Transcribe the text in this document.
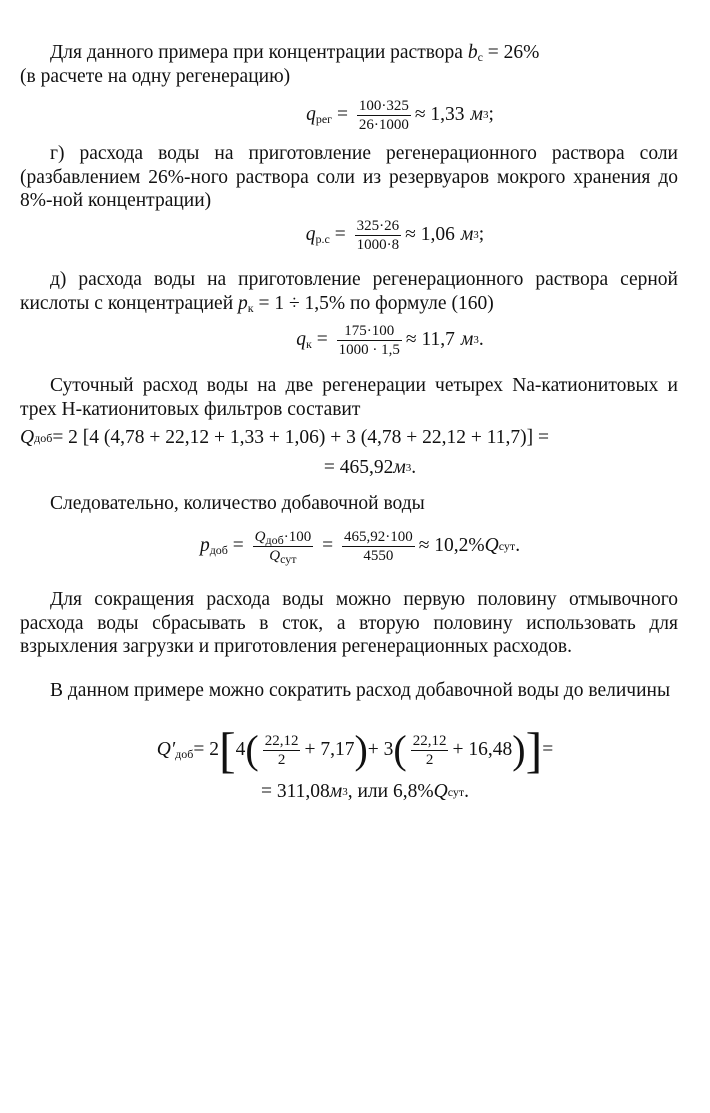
Для данного примера при концентрации раствора $b_c = 26\%$
(в расчете на одну регенерацию)

$q_{рег} = \frac{100\cdot 325}{26\cdot 1000} \approx 1,33$ м 3 ;

г) расхода воды на приготовление регенерационного раствора соли (разбавлением 26%-ного раствора соли из резервуаров мокрого хранения до 8%-ной концентрации)

$q_{р.с} = \frac{325\cdot 26}{1000\cdot 8} \approx 1,06$ м 3 ;

д) расхода воды на приготовление регенерационного раствора серной кислоты с концентрацией $p_к = 1 \div 1,5\%$ по формуле (160)

$q_к = \frac{175\cdot 100}{1000 \cdot 1,5} \approx 11,7$ м 3 .

Суточный расход воды на две регенерации четырех Na-катионитовых и трех Н-катионитовых фильтров составит

Q доб = 2 [4 (4,78 + 22,12 + 1,33 + 1,06) + 3 (4,78 + 22,12 + 11,7)] =
= 465,92 м 3 .

Следовательно, количество добавочной воды

$p_{доб} = \frac{Q_{доб}\cdot 100}{Q_{сут}} = \frac{465,92\cdot 100}{4550} \approx 10,2\%$ Q сут .

Для сокращения расхода воды можно первую половину отмывочного расхода воды сбрасывать в сток, а вторую половину использовать для взрыхления загрузки и приготовления регенерационных расходов.

В данном примере можно сократить расход добавочной воды до величины

$Q'_{доб} = 2$ [ 4 ( $\frac{22,12}{2} + 7,17$ ) + 3 ( $\frac{22,12}{2} + 16,48$ ) ] =
= 311,08 м 3 , или 6,8% Q сут .
